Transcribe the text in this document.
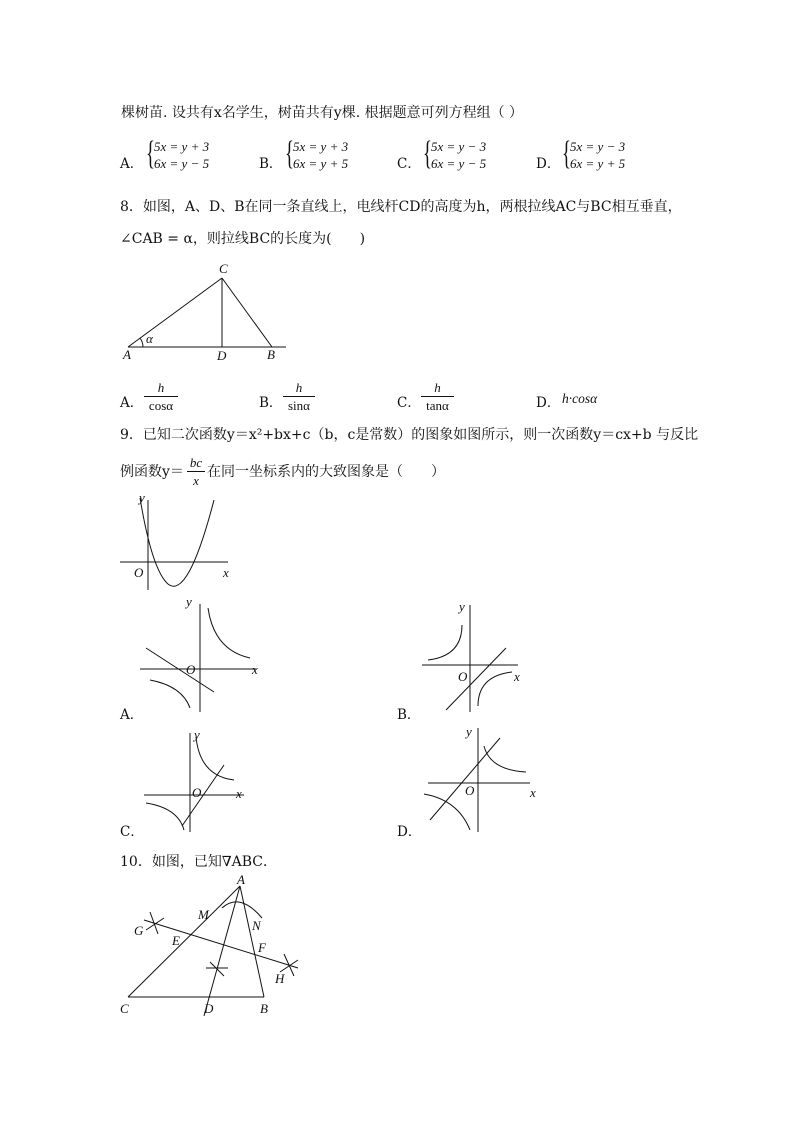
棵树苗. 设共有x名学生，树苗共有y棵. 根据题意可列方程组（ ）
A． { 5x = y + 3
6x = y − 5	B． { 5x = y + 3
6x = y + 5	C． { 5x = y − 3
6x = y − 5	D． { 5x = y − 3
6x = y + 5
8．如图，A、D、B在同一条直线上，电线杆CD的高度为h，两根拉线AC与BC相互垂直，
∠CAB = α，则拉线BC的长度为(　　)
C
A	D	B
α
A．
h
cosα	B．
h
sinα	C．
h
tanα	D． h·cosα
9．已知二次函数y＝x²+bx+c（b，c是常数）的图象如图所示，则一次函数y＝cx+b 与反比
例函数y＝
bc
x
在同一坐标系内的大致图象是（　　）
y
O	x
y
O	x
y
O	x
y
O	x
y
O	x
A．	B．
C．	D．
10．如图，已知∇ABC．
A
M
N
G
E	F
H
C	D	B
